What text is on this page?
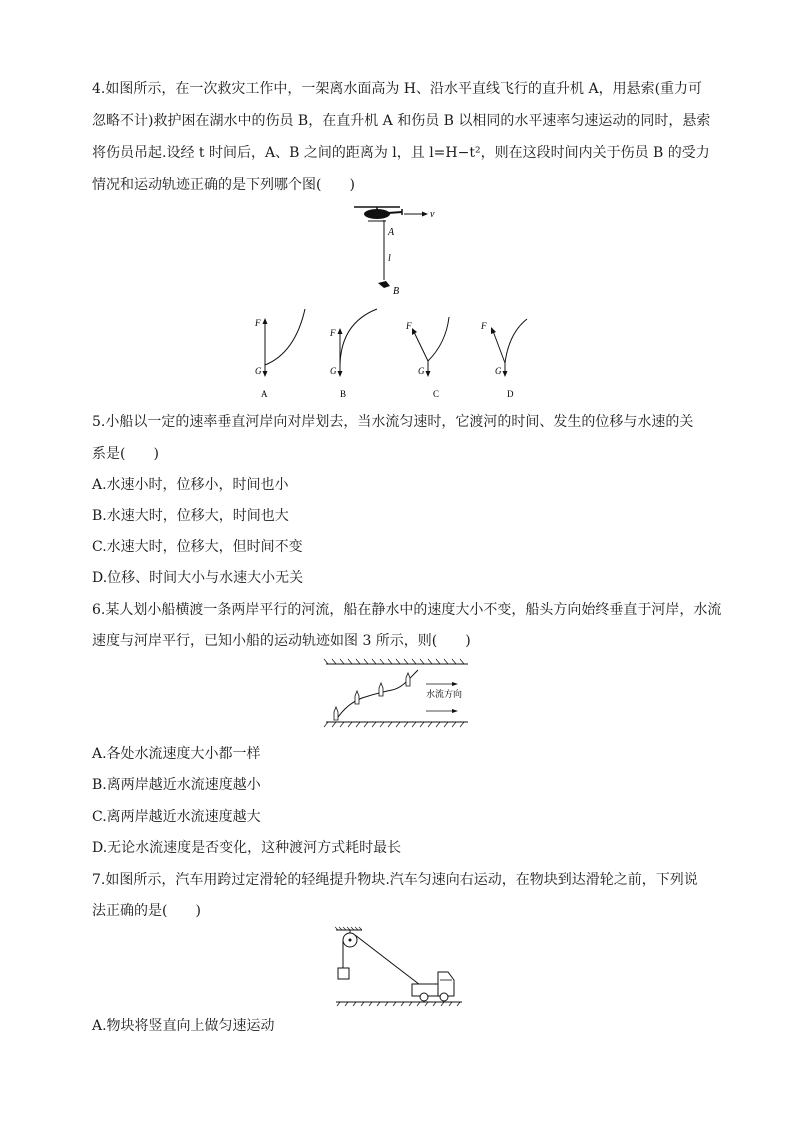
4.如图所示，在一次救灾工作中，一架离水面高为 H、沿水平直线飞行的直升机 A，用悬索(重力可
忽略不计)救护困在湖水中的伤员 B，在直升机 A 和伤员 B 以相同的水平速率匀速运动的同时，悬索
将伤员吊起.设经 t 时间后，A、B 之间的距离为 l，且 l=H−t²，则在这段时间内关于伤员 B 的受力
情况和运动轨迹正确的是下列哪个图(　　)
v
A
l
B
F
G
A
F
G
B
F
G
C
F
G
D
5.小船以一定的速率垂直河岸向对岸划去，当水流匀速时，它渡河的时间、发生的位移与水速的关
系是(　　)
A.水速小时，位移小，时间也小
B.水速大时，位移大，时间也大
C.水速大时，位移大，但时间不变
D.位移、时间大小与水速大小无关
6.某人划小船横渡一条两岸平行的河流，船在静水中的速度大小不变，船头方向始终垂直于河岸，水流
速度与河岸平行，已知小船的运动轨迹如图 3 所示，则(　　)
水流方向
A.各处水流速度大小都一样
B.离两岸越近水流速度越小
C.离两岸越近水流速度越大
D.无论水流速度是否变化，这种渡河方式耗时最长
7.如图所示，汽车用跨过定滑轮的轻绳提升物块.汽车匀速向右运动，在物块到达滑轮之前，下列说
法正确的是(　　)
A.物块将竖直向上做匀速运动
